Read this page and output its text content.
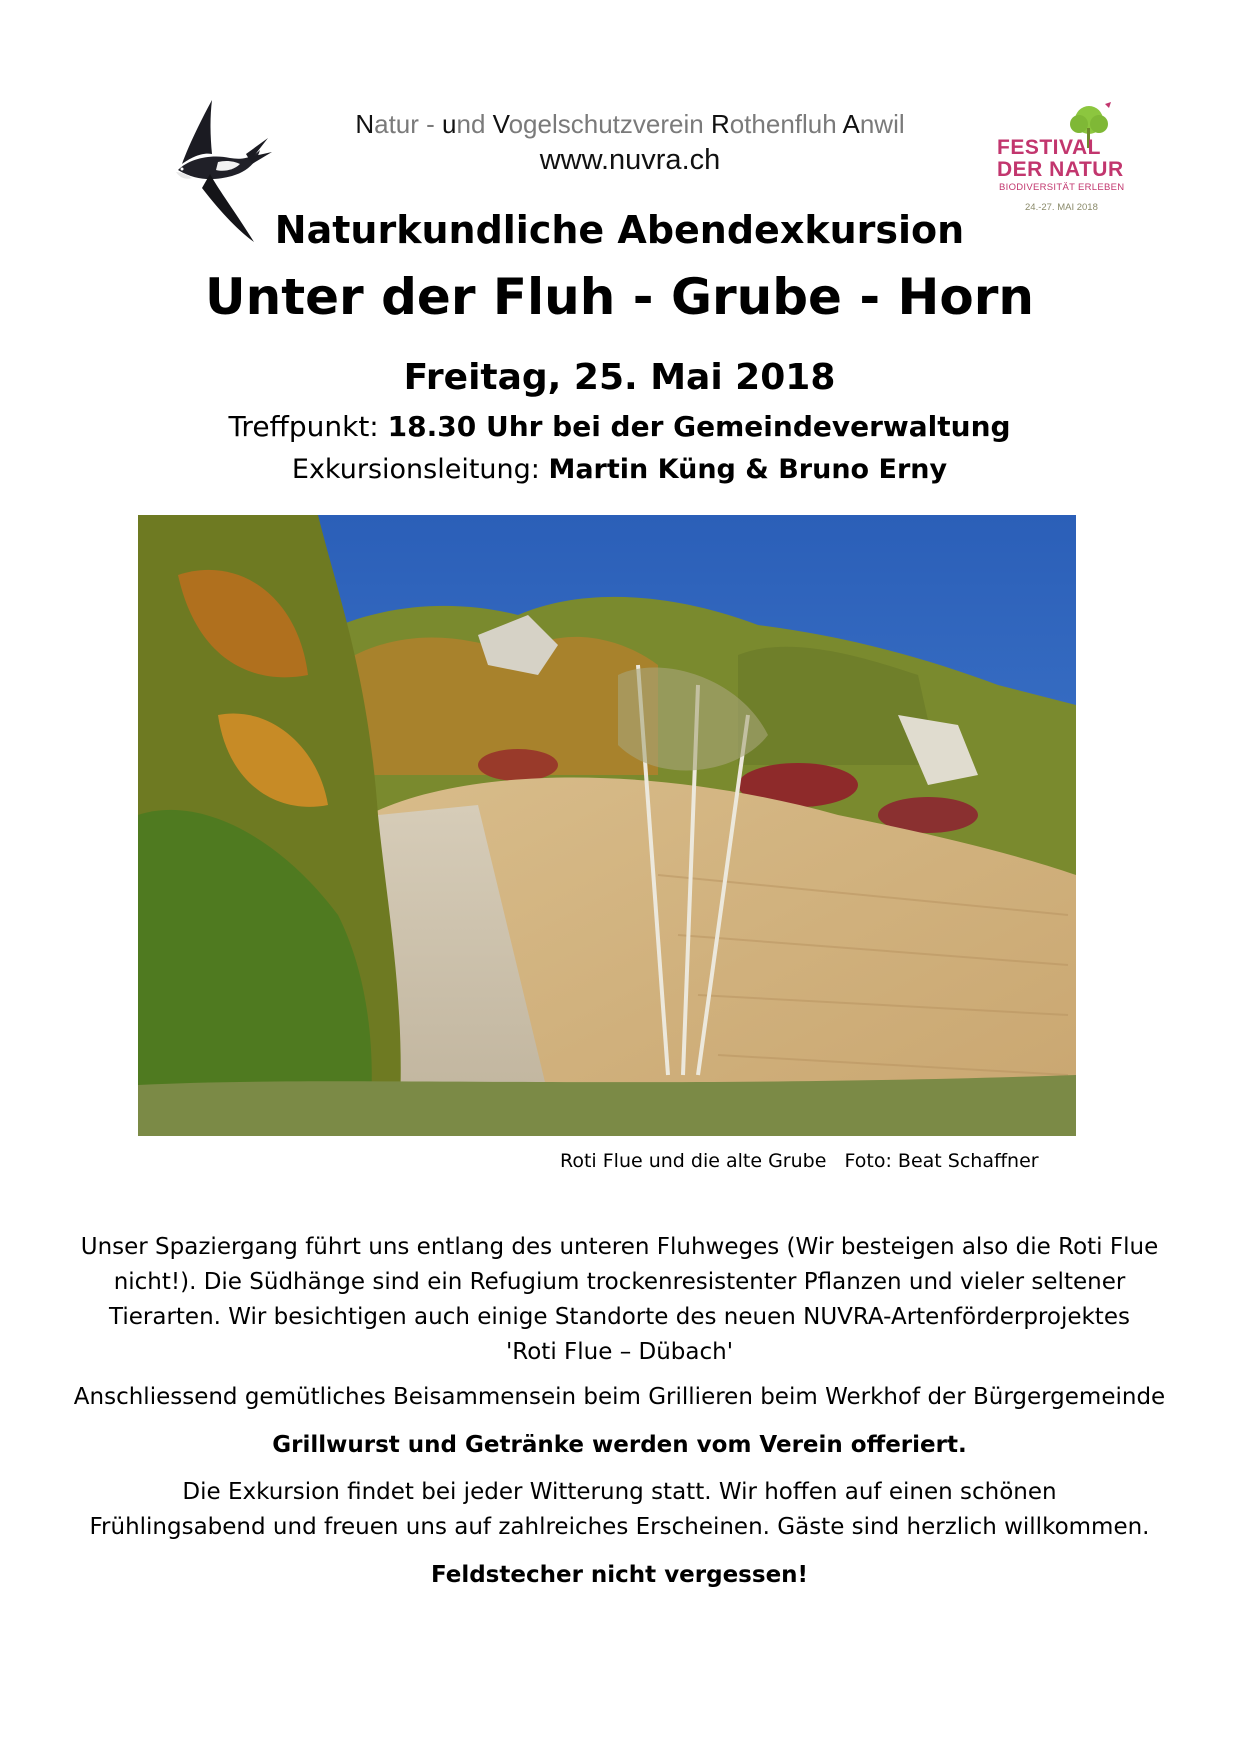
Natur - und Vogelschutzverein Rothenfluh Anwil
www.nuvra.ch	FESTIVAL
DER NATUR
BIODIVERSITÄT ERLEBEN
24.-27. MAI 2018
Naturkundliche Abendexkursion
Unter der Fluh - Grube - Horn
Freitag, 25. Mai 2018
Treffpunkt: 18.30 Uhr bei der Gemeindeverwaltung
Exkursionsleitung: Martin Küng & Bruno Erny
Roti Flue und die alte Grube   Foto: Beat Schaffner
Unser Spaziergang führt uns entlang des unteren Fluhweges (Wir besteigen also die Roti Flue
nicht!). Die Südhänge sind ein Refugium trockenresistenter Pflanzen und vieler seltener
Tierarten. Wir besichtigen auch einige Standorte des neuen NUVRA-Artenförderprojektes
'Roti Flue – Dübach'
Anschliessend gemütliches Beisammensein beim Grillieren beim Werkhof der Bürgergemeinde
Grillwurst und Getränke werden vom Verein offeriert.
Die Exkursion findet bei jeder Witterung statt. Wir hoffen auf einen schönen
Frühlingsabend und freuen uns auf zahlreiches Erscheinen. Gäste sind herzlich willkommen.
Feldstecher nicht vergessen!
